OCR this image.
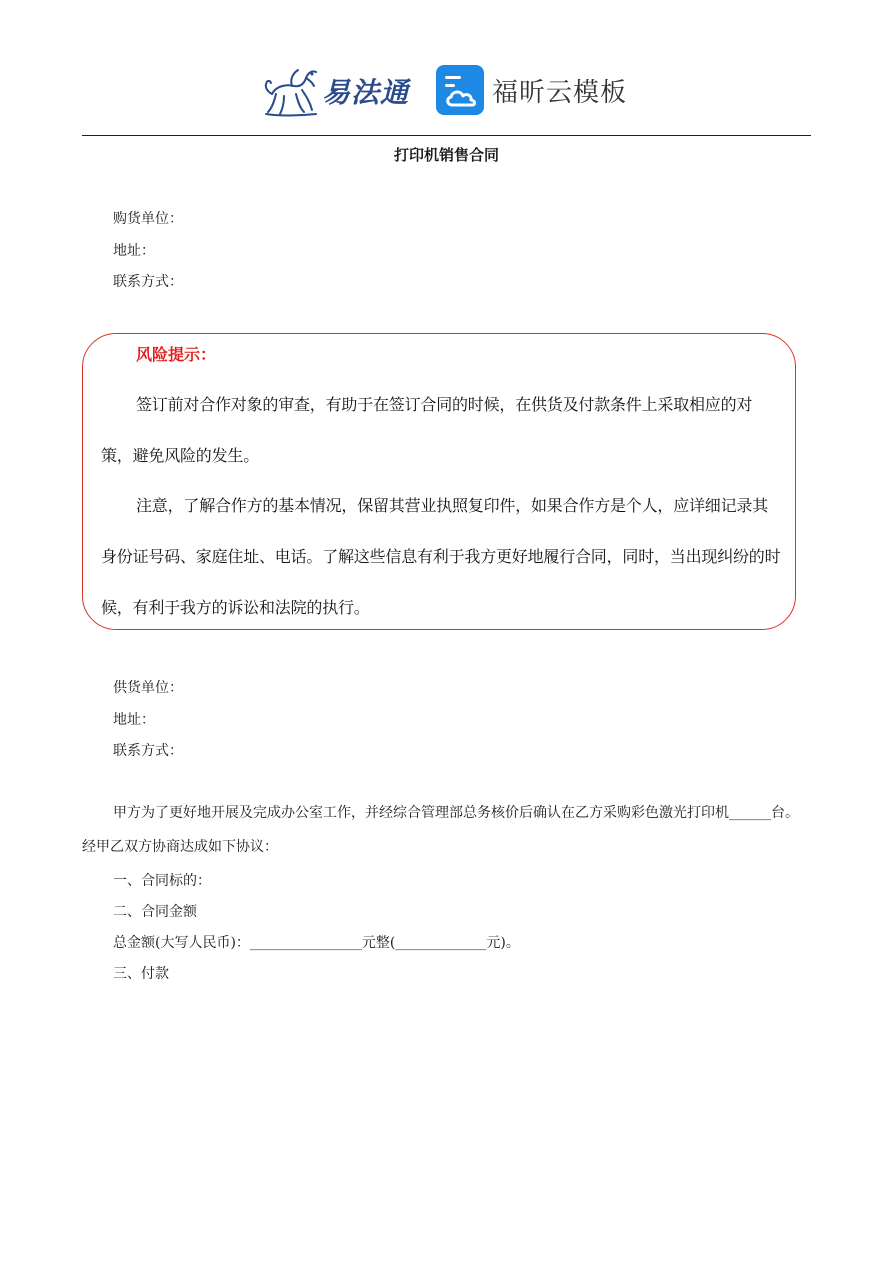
易法通	福昕云模板
打印机销售合同
购货单位：
地址：
联系方式：
风险提示：
签订前对合作对象的审查，有助于在签订合同的时候，在供货及付款条件上采取相应的对策，避免风险的发生。
注意，了解合作方的基本情况，保留其营业执照复印件，如果合作方是个人，应详细记录其身份证号码、家庭住址、电话。了解这些信息有利于我方更好地履行合同，同时，当出现纠纷的时候，有利于我方的诉讼和法院的执行。
供货单位：
地址：
联系方式：
甲方为了更好地开展及完成办公室工作，并经综合管理部总务核价后确认在乙方采购彩色激光打印机______台。经甲乙双方协商达成如下协议：
一、合同标的：
二、合同金额
总金额(大写人民币)：________________元整(_____________元)。
三、付款
